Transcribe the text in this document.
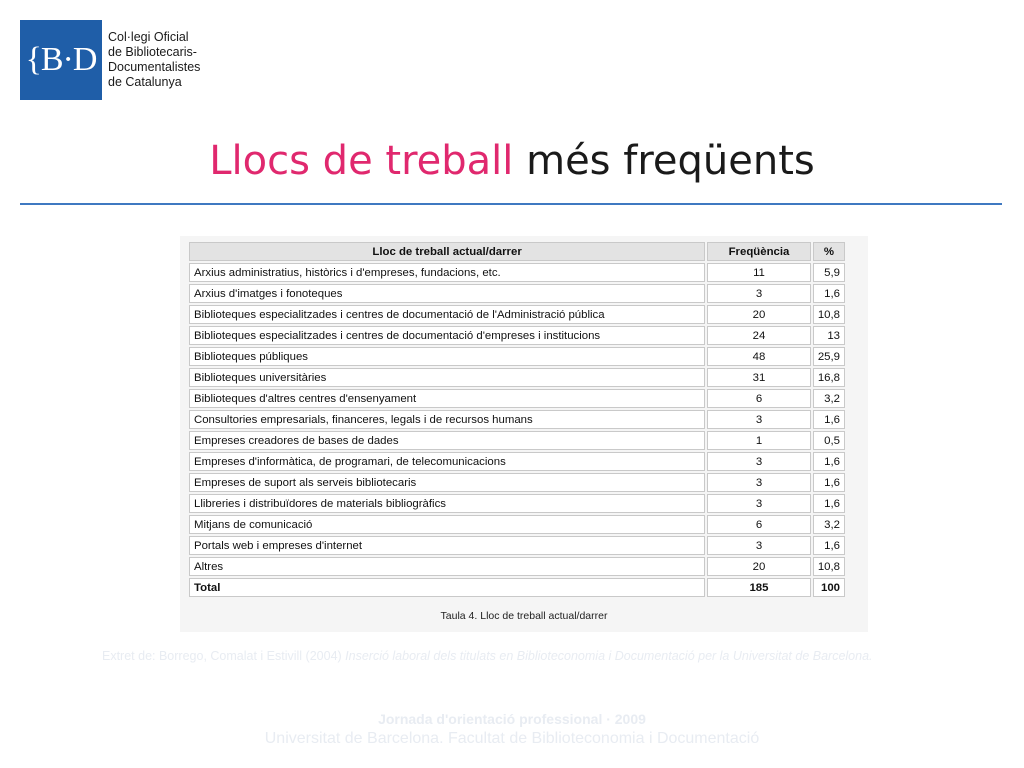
{B·D
Col·legi Oficial
de Bibliotecaris-
Documentalistes
de Catalunya
Llocs de treball més freqüents
Lloc de treball actual/darrer	Freqüència	%
Arxius administratius, històrics i d'empreses, fundacions, etc.	11	5,9
Arxius d'imatges i fonoteques	3	1,6
Biblioteques especialitzades i centres de documentació de l'Administració pública	20	10,8
Biblioteques especialitzades i centres de documentació d'empreses i institucions	24	13
Biblioteques públiques	48	25,9
Biblioteques universitàries	31	16,8
Biblioteques d'altres centres d'ensenyament	6	3,2
Consultories empresarials, financeres, legals i de recursos humans	3	1,6
Empreses creadores de bases de dades	1	0,5
Empreses d'informàtica, de programari, de telecomunicacions	3	1,6
Empreses de suport als serveis bibliotecaris	3	1,6
Llibreries i distribuïdores de materials bibliogràfics	3	1,6
Mitjans de comunicació	6	3,2
Portals web i empreses d'internet	3	1,6
Altres	20	10,8
Total	185	100
Taula 4. Lloc de treball actual/darrer
Extret de: Borrego, Comalat i Estivill (2004) Inserció laboral dels titulats en Biblioteconomia i Documentació per la Universitat de Barcelona.
Jornada d'orientació professional · 2009
Universitat de Barcelona. Facultat de Biblioteconomia i Documentació
